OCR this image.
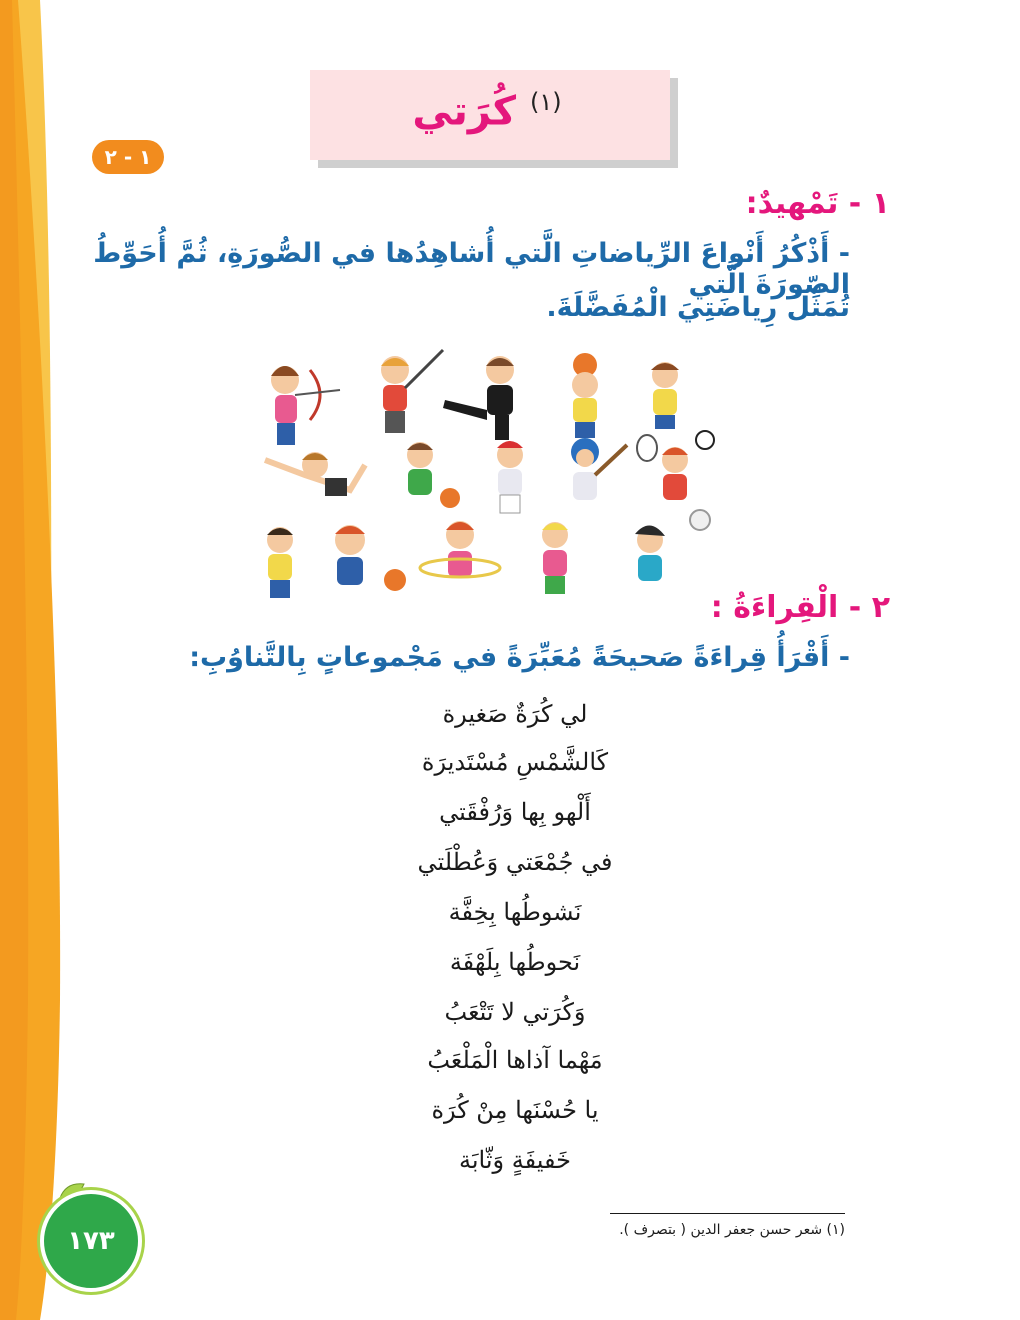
$^{(١)}$ كُرَتي
١ - ٢
١ - تَمْهيدٌ:
- أَذْكُرُ أَنْواعَ الرِّياضاتِ الَّتي أُشاهِدُها في الصُّورَةِ، ثُمَّ أُحَوِّطُ الصّورَةَ الَّتي
تُمَثِّلُ رِياضَتِيَ الْمُفَضَّلَةَ.
٢ - الْقِراءَةُ :
- أَقْرَأُ قِراءَةً صَحيحَةً مُعَبِّرَةً في مَجْموعاتٍ بِالتَّناوُبِ:
لي كُرَةٌ صَغيرة
كَالشَّمْسِ مُسْتَديرَة
أَلْهو بِها وَرُفْقَتي
في جُمْعَتي وَعُطْلَتي
نَشوطُها بِخِفَّة
نَحوطُها بِلَهْفَة
وَكُرَتي لا تَتْعَبُ
مَهْما آذاها الْمَلْعَبُ
يا حُسْنَها مِنْ كُرَة
خَفيفَةٍ وَثّابَة
(١) شعر حسن جعفر الدين ( بتصرف ).
١٧٣
